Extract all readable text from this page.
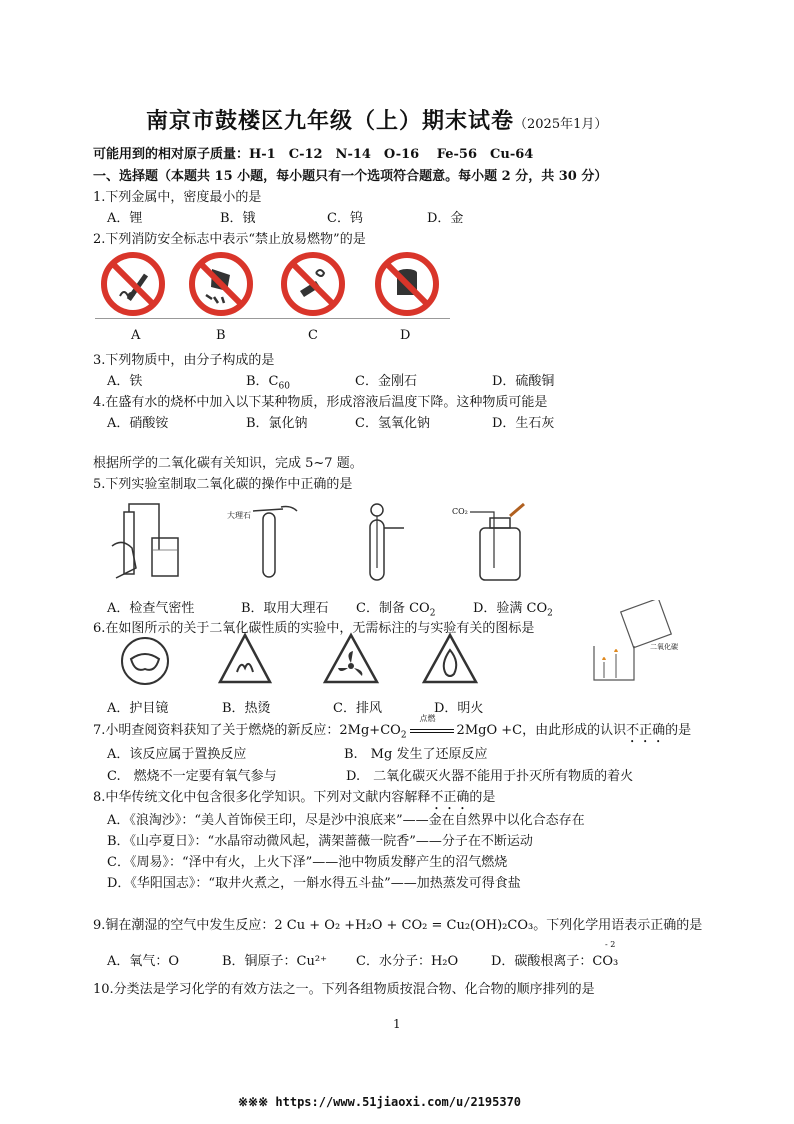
南京市鼓楼区九年级（上）期末试卷（2025年1月）
可能用到的相对原子质量：H-1　C-12　N-14　O-16　 Fe-56　Cu-64
一、选择题（本题共 15 小题，每小题只有一个选项符合题意。每小题 2 分，共 30 分）
1.下列金属中，密度最小的是
A．锂	B．锇	C．钨	D．金
2.下列消防安全标志中表示“禁止放易燃物”的是
A	B	C	D
3.下列物质中，由分子构成的是
A．铁	B．$C_{60}$	C．金刚石	D．硫酸铜
4.在盛有水的烧杯中加入以下某种物质，形成溶液后温度下降。这种物质可能是
A．硝酸铵	B．氯化钠	C．氢氧化钠	D．生石灰
根据所学的二氧化碳有关知识，完成 5~7 题。
5.下列实验室制取二氧化碳的操作中正确的是
大理石	CO₂
A．检查气密性	B．取用大理石 C．制备 $CO_2$	D．验满 $CO_2$
6.在如图所示的关于二氧化碳性质的实验中，无需标注的与实验有关的图标是
二氧化碳
A．护目镜	B．热烫	C．排风	D．明火
7.小明查阅资料获知了关于燃烧的新反应：$2Mg+CO_2$
点燃
2MgO +C，由此形成的认识不正确的是
A．该反应属于置换反应	B.　Mg 发生了还原反应
C.　燃烧不一定要有氧气参与	D.　二氧化碳灭火器不能用于扑灭所有物质的着火
8.中华传统文化中包含很多化学知识。下列对文献内容解释不正确的是
A．《浪淘沙》：“美人首饰侯王印，尽是沙中浪底来”——金在自然界中以化合态存在
B．《山亭夏日》：“水晶帘动微风起，满架蔷薇一院香”——分子在不断运动
C．《周易》：“泽中有火，上火下泽”——池中物质发酵产生的沼气燃烧
D．《华阳国志》：“取井火煮之，一斛水得五斗盐”——加热蒸发可得食盐
9.铜在潮湿的空气中发生反应：2 Cu + O₂ +H₂O + CO₂ = Cu₂(OH)₂CO₃。下列化学用语表示正确的是
A．氧气：O	B．铜原子：Cu²⁺ C．水分子：H₂O	D．碳酸根离子：CO₃
- 2
10.分类法是学习化学的有效方法之一。下列各组物质按混合物、化合物的顺序排列的是
1
※※※ https://www.51jiaoxi.com/u/2195370
